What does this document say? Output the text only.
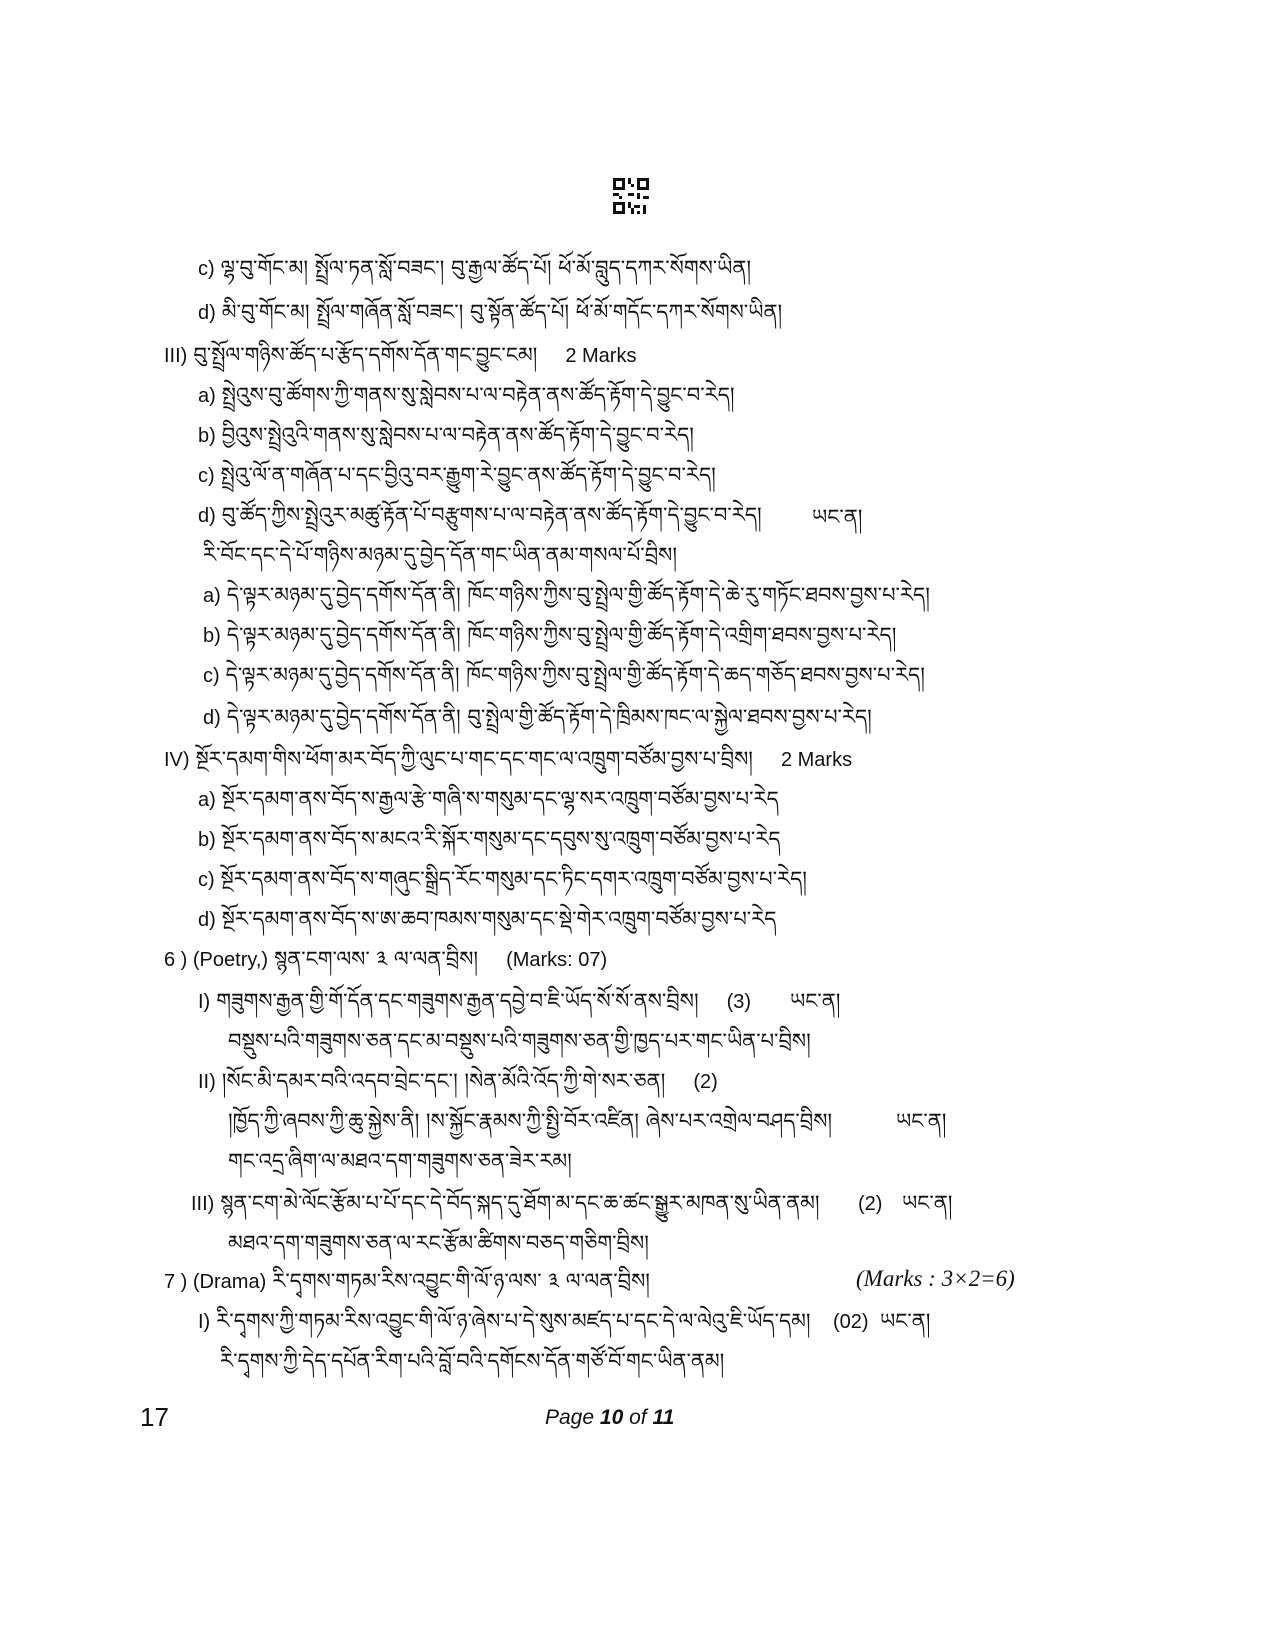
c) ལྷ་བུ་གོང་མ། སྤྲོལ་ཏན་སློ་བཟང་། བུ་རྒྱལ་ཚོད་པོ། ཕོ་མོ་བླུད་དཀར་སོགས་ཡིན།
d) མི་བུ་གོང་མ། སྤྲོལ་གཞོན་སློ་བཟང་། བུ་སྟོན་ཚོད་པོ། ཕོ་མོ་གདོང་དཀར་སོགས་ཡིན།
III) བུ་སྤྲོལ་གཉིས་ཚོད་པ་རྩོད་དགོས་དོན་གང་བྱུང་ངམ། 2 Marks
a) སྤྲེའུས་བུ་ཚོགས་ཀྱི་གནས་སུ་སླེབས་པ་ལ་བརྟེན་ནས་ཚོད་རྟོག་དེ་བྱུང་བ་རེད།
b) བྱིའུས་སྤྲེའུའི་གནས་སུ་སླེབས་པ་ལ་བརྟེན་ནས་ཚོད་རྟོག་དེ་བྱུང་བ་རེད།
c) སྤྲེའུ་ལོ་ན་གཞོན་པ་དང་བྱིའུ་བར་རྒྱུག་རེ་བྱུང་ནས་ཚོད་རྟོག་དེ་བྱུང་བ་རེད།
d) བུ་ཚོད་ཀྱིས་སྤྲེའུར་མཚུ་རྟོན་པོ་བརྩུགས་པ་ལ་བརྟེན་ནས་ཚོད་རྟོག་དེ་བྱུང་བ་རེད། ཡང་ན།
རི་བོང་དང་དེ་པོ་གཉིས་མཉམ་དུ་བྱེད་དོན་གང་ཡིན་ནམ་གསལ་པོ་བྲིས།
a) དེ་ལྟར་མཉམ་དུ་བྱེད་དགོས་དོན་ནི། ཁོང་གཉིས་ཀྱིས་བུ་སྤྲེལ་གྱི་ཚོད་རྟོག་དེ་ཆེ་རུ་གཏོང་ཐབས་བྱས་པ་རེད།
b) དེ་ལྟར་མཉམ་དུ་བྱེད་དགོས་དོན་ནི། ཁོང་གཉིས་ཀྱིས་བུ་སྤྲེལ་གྱི་ཚོད་རྟོག་དེ་འགྲིག་ཐབས་བྱས་པ་རེད།
c) དེ་ལྟར་མཉམ་དུ་བྱེད་དགོས་དོན་ནི། ཁོང་གཉིས་ཀྱིས་བུ་སྤྲེལ་གྱི་ཚོད་རྟོག་དེ་ཆད་གཅོད་ཐབས་བྱས་པ་རེད།
d) དེ་ལྟར་མཉམ་དུ་བྱེད་དགོས་དོན་ནི། བུ་སྤྲེལ་གྱི་ཚོད་རྟོག་དེ་ཁྲིམས་ཁང་ལ་སྐྱེལ་ཐབས་བྱས་པ་རེད།
IV) སྔོར་དམག་གིས་ཕོག་མར་བོད་ཀྱི་ལུང་པ་གང་དང་གང་ལ་འཁྲུག་བཙོམ་བྱས་པ་བྲིས། 2 Marks
a) སྔོར་དམག་ནས་བོད་ས་རྒྱལ་རྩེ་གཞི་ས་གསུམ་དང་ལྷ་སར་འཁྲུག་བཙོམ་བྱས་པ་རེད
b) སྔོར་དམག་ནས་བོད་ས་མངའ་རི་སྐོར་གསུམ་དང་དབུས་སུ་འཁྲུག་བཙོམ་བྱས་པ་རེད
c) སྔོར་དམག་ནས་བོད་ས་གཞུང་སྒྲིད་རོང་གསུམ་དང་ཏིང་དགར་འཁྲུག་བཙོམ་བྱས་པ་རེད།
d) སྔོར་དམག་ནས་བོད་ས་ཨ་ཆབ་ཁམས་གསུམ་དང་སྡེ་གེར་འཁྲུག་བཙོམ་བྱས་པ་རེད
6 ) (Poetry,) སྙན་ངག་ལས་ ༣ ལ་ལན་བྲིས། (Marks: 07)
I) གཟུགས་རྒྱན་གྱི་གོ་དོན་དང་གཟུགས་རྒྱན་དབྱེ་བ་ཇི་ཡོད་སོ་སོ་ནས་བྲིས། (3) ཡང་ན།
བསྡུས་པའི་གཟུགས་ཅན་དང་མ་བསྡུས་པའི་གཟུགས་ཅན་གྱི་ཁྱད་པར་གང་ཡིན་པ་བྲིས།
II) །སོང་མི་དམར་བའི་འདབ་བྲེང་དང་། །སེན་མོའི་འོད་ཀྱི་གེ་སར་ཅན། (2)
།ཁྱོད་ཀྱི་ཞབས་ཀྱི་ཆུ་སྐྱེས་ནི། །ས་སྐྱོང་རྣམས་ཀྱི་སྤྱི་བོར་འཛིན། ཞེས་པར་འགྲེལ་བཤད་བྲིས།	ཡང་ན།
གང་འདྲ་ཞིག་ལ་མཐའ་དག་གཟུགས་ཅན་ཟེར་རམ།
III) སྙན་ངག་མེ་ལོང་རྩོམ་པ་པོ་དང་དེ་བོད་སྐད་དུ་ཐོག་མ་དང་ཆ་ཚང་སྒྱུར་མཁན་སུ་ཡིན་ནམ། (2) ཡང་ན།
མཐའ་དག་གཟུགས་ཅན་ལ་རང་རྩོམ་ཚིགས་བཅད་གཅིག་བྲིས།
7 ) (Drama) རི་དྭགས་གཏམ་རིས་འབྱུང་གི་ལོ་ཉ་ལས་ ༣ ལ་ལན་བྲིས།	(Marks : 3×2=6)
I) རི་དྭགས་ཀྱི་གཏམ་རིས་འབྱུང་གི་ལོ་ཉ་ཞེས་པ་དེ་སུས་མཛད་པ་དང་དེ་ལ་ལེའུ་ཇི་ཡོད་དམ། (02) ཡང་ན།
རི་དྭགས་ཀྱི་དེད་དཔོན་རིག་པའི་བློ་བའི་དགོངས་དོན་གཙོ་བོ་གང་ཡིན་ནམ།
17	Page 10 of 11
